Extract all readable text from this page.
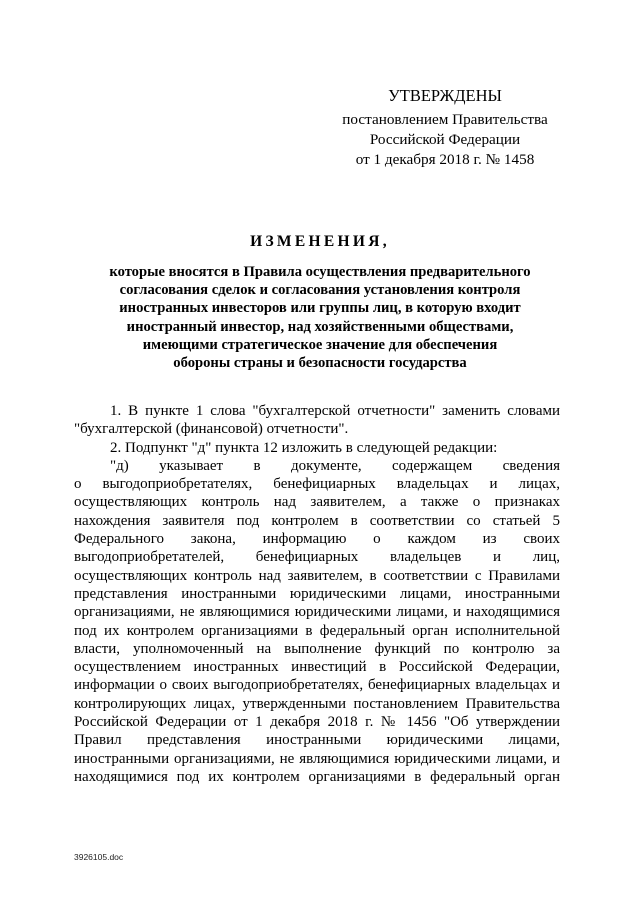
УТВЕРЖДЕНЫ
постановлением Правительства
Российской Федерации
от 1 декабря 2018 г. № 1458
ИЗМЕНЕНИЯ,
которые вносятся в Правила осуществления предварительного
согласования сделок и согласования установления контроля
иностранных инвесторов или группы лиц, в которую входит
иностранный инвестор, над хозяйственными обществами,
имеющими стратегическое значение для обеспечения
обороны страны и безопасности государства
1. В пункте 1 слова "бухгалтерской отчетности" заменить словами
"бухгалтерской (финансовой) отчетности".
2. Подпункт "д" пункта 12 изложить в следующей редакции:
"д) указывает в документе, содержащем сведения
о выгодоприобретателях, бенефициарных владельцах и лицах,
осуществляющих контроль над заявителем, а также о признаках
нахождения заявителя под контролем в соответствии со статьей 5
Федерального закона, информацию о каждом из своих
выгодоприобретателей, бенефициарных владельцев и лиц,
осуществляющих контроль над заявителем, в соответствии с Правилами
представления иностранными юридическими лицами, иностранными
организациями, не являющимися юридическими лицами, и находящимися
под их контролем организациями в федеральный орган исполнительной
власти, уполномоченный на выполнение функций по контролю за
осуществлением иностранных инвестиций в Российской Федерации,
информации о своих выгодоприобретателях, бенефициарных владельцах и
контролирующих лицах, утвержденными постановлением Правительства
Российской Федерации от 1 декабря 2018 г. № 1456 "Об утверждении
Правил представления иностранными юридическими лицами,
иностранными организациями, не являющимися юридическими лицами, и
находящимися под их контролем организациями в федеральный орган
3926105.doc
